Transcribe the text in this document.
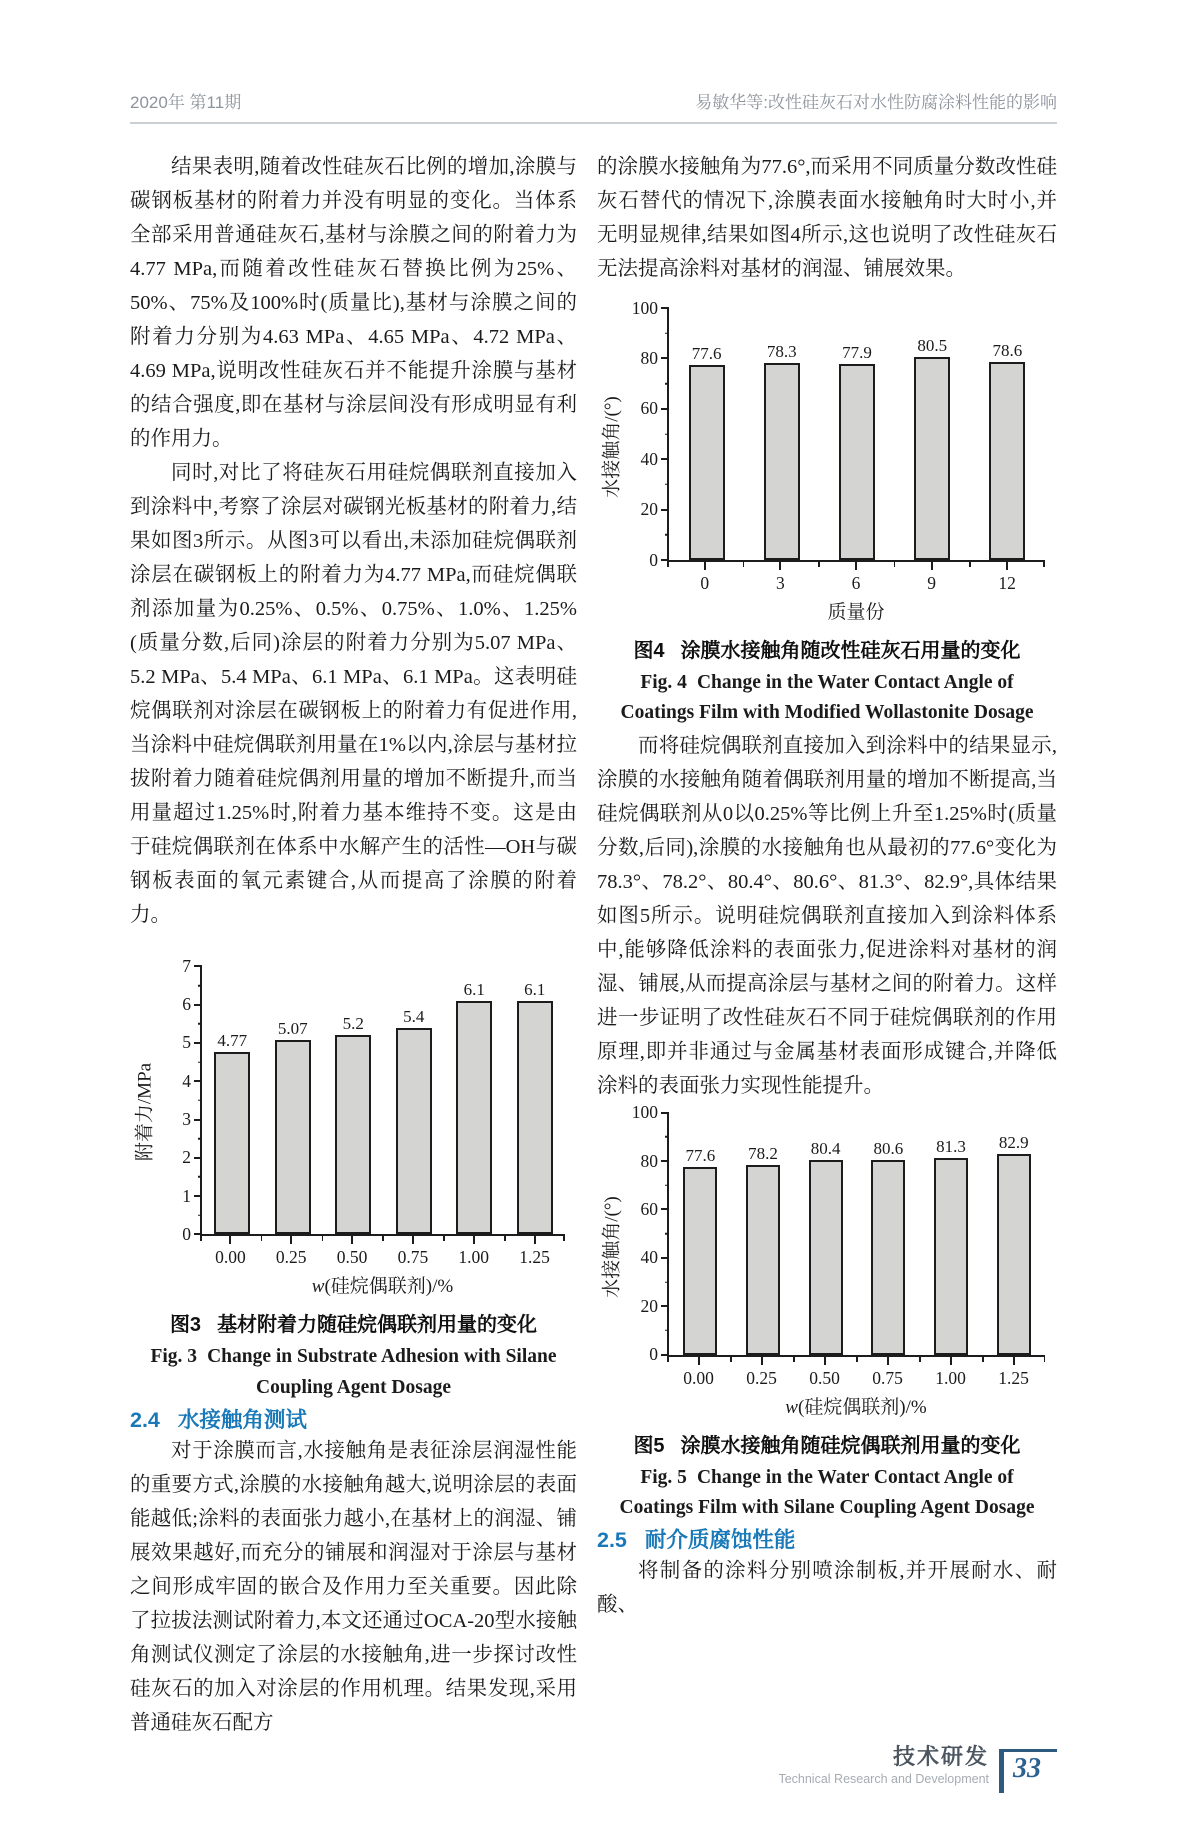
2020年 第11期	易敏华等:改性硅灰石对水性防腐涂料性能的影响

结果表明,随着改性硅灰石比例的增加,涂膜与碳钢板基材的附着力并没有明显的变化。当体系全部采用普通硅灰石,基材与涂膜之间的附着力为4.77 MPa,而随着改性硅灰石替换比例为25%、50%、75%及100%时(质量比),基材与涂膜之间的附着力分别为4.63 MPa、4.65 MPa、4.72 MPa、4.69 MPa,说明改性硅灰石并不能提升涂膜与基材的结合强度,即在基材与涂层间没有形成明显有利的作用力。

同时,对比了将硅灰石用硅烷偶联剂直接加入到涂料中,考察了涂层对碳钢光板基材的附着力,结果如图3所示。从图3可以看出,未添加硅烷偶联剂涂层在碳钢板上的附着力为4.77 MPa,而硅烷偶联剂添加量为0.25%、0.5%、0.75%、1.0%、1.25%(质量分数,后同)涂层的附着力分别为5.07 MPa、5.2 MPa、5.4 MPa、6.1 MPa、6.1 MPa。这表明硅烷偶联剂对涂层在碳钢板上的附着力有促进作用,当涂料中硅烷偶联剂用量在1%以内,涂层与基材拉拔附着力随着硅烷偶剂用量的增加不断提升,而当用量超过1.25%时,附着力基本维持不变。这是由于硅烷偶联剂在体系中水解产生的活性—OH与碳钢板表面的氧元素键合,从而提高了涂膜的附着力。

附着力/MPa
0
1
2
3
4
5
6
7
4.77
5.07 5.2 5.4
6.1 6.1
0.00	0.25	0.50	0.75	1.00	1.25
w(硅烷偶联剂)/%
图3 基材附着力随硅烷偶联剂用量的变化
Fig. 3 Change in Substrate Adhesion with Silane Coupling Agent Dosage
2.4 水接触角测试

对于涂膜而言,水接触角是表征涂层润湿性能的重要方式,涂膜的水接触角越大,说明涂层的表面能越低;涂料的表面张力越小,在基材上的润湿、铺展效果越好,而充分的铺展和润湿对于涂层与基材之间形成牢固的嵌合及作用力至关重要。因此除了拉拔法测试附着力,本文还通过OCA-20型水接触角测试仪测定了涂层的水接触角,进一步探讨改性硅灰石的加入对涂层的作用机理。结果发现,采用普通硅灰石配方

的涂膜水接触角为77.6°,而采用不同质量分数改性硅灰石替代的情况下,涂膜表面水接触角时大时小,并无明显规律,结果如图4所示,这也说明了改性硅灰石无法提高涂料对基材的润湿、铺展效果。

水接触角/(°)
0
20
40
60
80
100
77.6	78.3	77.9	80.5	78.6
0	3	6	9	12
质量份
图4 涂膜水接触角随改性硅灰石用量的变化
Fig. 4 Change in the Water Contact Angle of Coatings Film with Modified Wollastonite Dosage

而将硅烷偶联剂直接加入到涂料中的结果显示,涂膜的水接触角随着偶联剂用量的增加不断提高,当硅烷偶联剂从0以0.25%等比例上升至1.25%时(质量分数,后同),涂膜的水接触角也从最初的77.6°变化为78.3°、78.2°、80.4°、80.6°、81.3°、82.9°,具体结果如图5所示。说明硅烷偶联剂直接加入到涂料体系中,能够降低涂料的表面张力,促进涂料对基材的润湿、铺展,从而提高涂层与基材之间的附着力。这样进一步证明了改性硅灰石不同于硅烷偶联剂的作用原理,即并非通过与金属基材表面形成键合,并降低涂料的表面张力实现性能提升。

水接触角/(°)
0
20
40
60
80
100
77.6 78.2 80.4 80.6 81.3 82.9
0.00	0.25	0.50	0.75	1.00	1.25
w(硅烷偶联剂)/%
图5 涂膜水接触角随硅烷偶联剂用量的变化
Fig. 5 Change in the Water Contact Angle of Coatings Film with Silane Coupling Agent Dosage
2.5 耐介质腐蚀性能

将制备的涂料分别喷涂制板,并开展耐水、耐酸、

技术研发
Technical Research and Development 33
